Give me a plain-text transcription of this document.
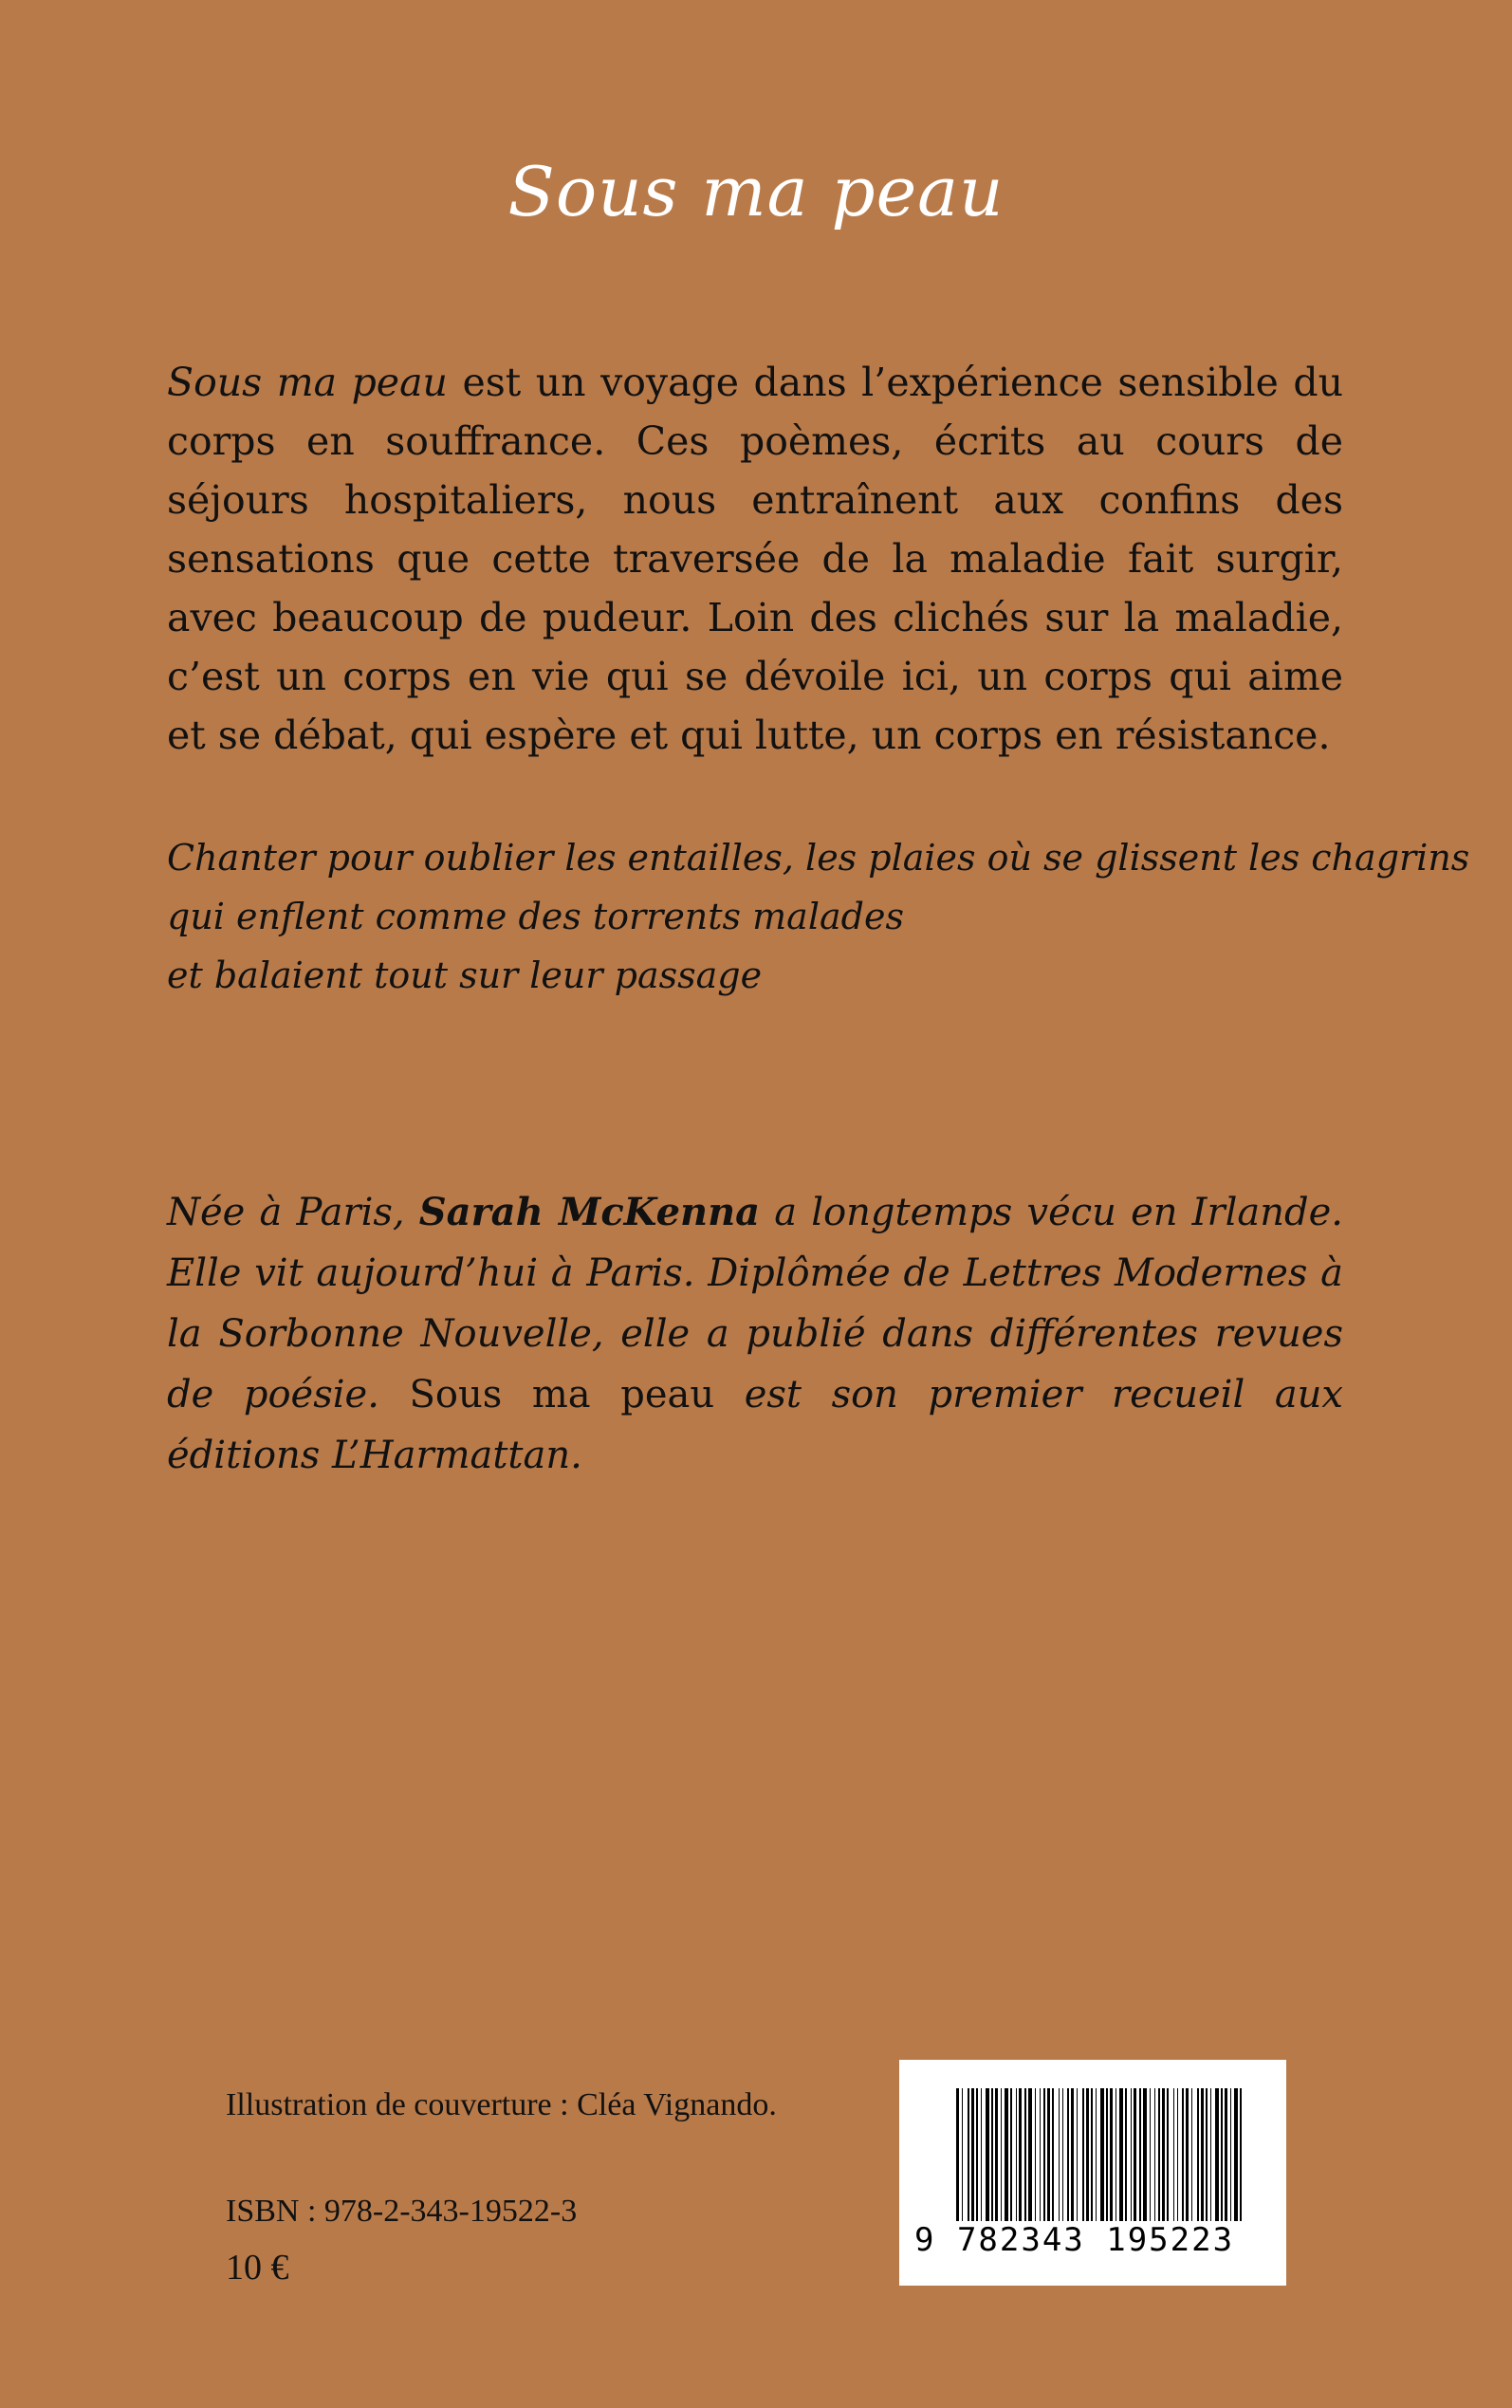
Sous ma peau

Sous ma peau est un voyage dans l’expérience sensible du corps en souffrance. Ces poèmes, écrits au cours de séjours hospitaliers, nous entraînent aux confins des sensations que cette traversée de la maladie fait surgir, avec beaucoup de pudeur. Loin des clichés sur la maladie, c’est un corps en vie qui se dévoile ici, un corps qui aime et se débat, qui espère et qui lutte, un corps en résistance.

Chanter pour oublier les entailles, les plaies où se glissent les chagrins
qui enflent comme des torrents malades
et balaient tout sur leur passage

Née à Paris, Sarah McKenna a longtemps vécu en Irlande. Elle vit aujourd’hui à Paris. Diplômée de Lettres Modernes à la Sorbonne Nouvelle, elle a publié dans différentes revues de poésie. Sous ma peau est son premier recueil aux éditions L’Harmattan.

Illustration de couverture : Cléa Vignando.

ISBN : 978-2-343-19522-3

10 €

9 782343 195223
